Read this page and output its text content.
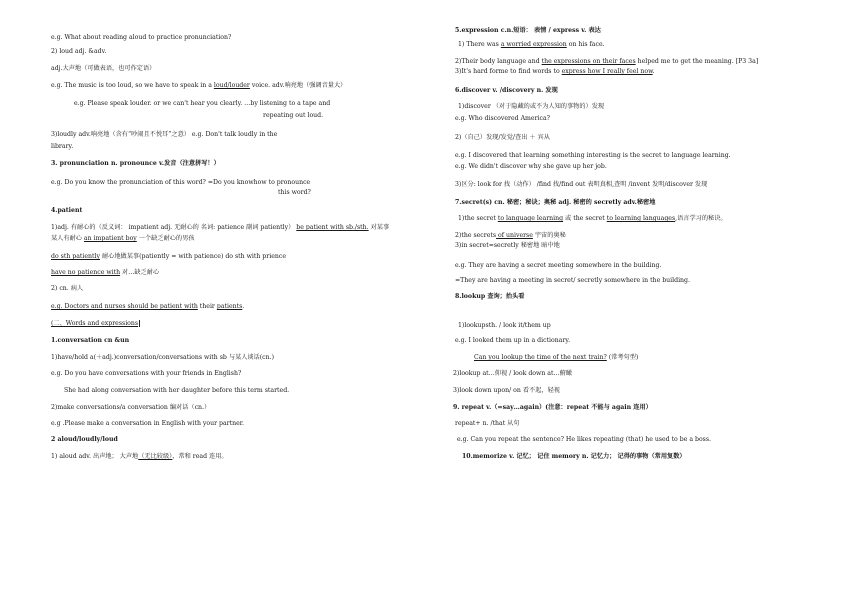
e.g. What about reading aloud to practice pronunciation?
2) loud adj. &adv.
adj.大声地（可做表语，也可作定语）
e.g. The music is too loud, so we have to speak in a loud/louder voice. adv.响亮地（强调音量大）
e.g. Please speak louder. or we can't hear you clearly. …by listening to a tape and
repeating out loud.
3)loudly adv.响亮地（含有“吵闹且不悦耳”之意） e.g. Don't talk loudly in the
library.
3. pronunciation n. pronounce v.发音（注意拼写！）
e.g. Do you know the pronunciation of this word? =Do you knowhow to pronounce
this word?
4.patient
1)adj. 有耐心的（反义词： impatient adj. 无耐心的 名词: patience 副词 patiently） be patient with sb./sth. 对某事
某人有耐心 an impatient boy 一个缺乏耐心的男孩
do sth patiently 耐心地做某事(patiently = with patience) do sth with prience
have no patience with 对…缺乏耐心
2) cn. 病人
e.g. Doctors and nurses should be patient with their patients.
(二、Words and expressions
1.conversation cn &un
1)have/hold a(＋adj.)conversation/conversations with sb 与某人谈话(cn.)
e.g. Do you have conversations with your friends in English?
She had along conversation with her daughter before this term started.
2)make conversations/a conversation 编对话（cn.）
e.g .Please make a conversation in English with your partner.
2 aloud/loudly/loud
1) aloud adv. 出声地； 大声地（无比较级），常和 read 连用。
5.expression c.n.短语： 表情 / express v. 表达
1) There was a worried expression on his face.
2)Their body language and the expressions on their faces helped me to get the meaning. [P3 3a]
3)It's hard forme to find words to express how I really feel now.
6.discover v. /discovery n. 发现
1)discover （对于隐藏的或不为人知的事物的）发现
e.g. Who discovered America?
2)（自己）发现/发觉/查出 ＋ 宾从
e.g. I discovered that learning something interesting is the secret to language learning.
e.g. We didn't discover why she gave up her job.
3)区分: look for 找（动作） /find 找/find out 表明真相,查明 /invent 发明/discover 发现
7.secret(s) cn. 秘密；秘诀；奥秘 adj. 秘密的 secretly adv.秘密地
1)the secret to language learning 或 the secret to learning languages,语言学习的秘诀。
2)the secrets of universe 宇宙的奥秘
3)in secret=secretly 秘密地 暗中地
e.g. They are having a secret meeting somewhere in the building.
=They are having a meeting in secret/ secretly somewhere in the building.
8.lookup 查询；抬头看
1)lookupsth. / look it/them up
e.g. I looked them up in a dictionary.
Can you lookup the time of the next train? (常考句型)
2)lookup at…仰视 / look down at…俯瞰
3)look down upon/ on 看不起，轻视
9. repeat v.（=say…again）(注意：repeat 不能与 again 连用）
repeat+ n. /that 从句
e.g. Can you repeat the sentence? He likes repeating (that) he used to be a boss.
10.memorize v. 记忆； 记住 memory n. 记忆力； 记得的事物（常用复数）
